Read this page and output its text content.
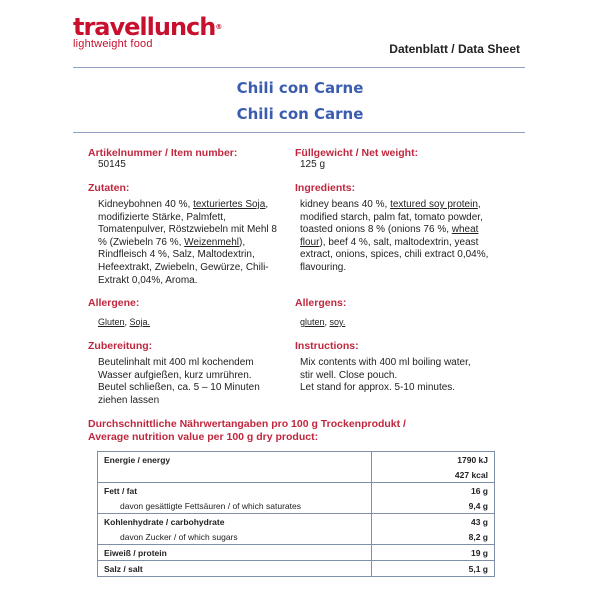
travellunch®
lightweight food	Datenblatt / Data Sheet
Chili con Carne
Chili con Carne
Artikelnummer / Item number:
50145
Füllgewicht / Net weight:
125 g
Zutaten:
Kidneybohnen 40 %, texturiertes Soja, modifizierte Stärke, Palmfett, Tomatenpulver, Röstzwiebeln mit Mehl 8 % (Zwiebeln 76 %, Weizenmehl), Rindfleisch 4 %, Salz, Maltodextrin, Hefeextrakt, Zwiebeln, Gewürze, Chili-Extrakt 0,04%, Aroma.
Ingredients:
kidney beans 40 %, textured soy protein, modified starch, palm fat, tomato powder, toasted onions 8 % (onions 76 %, wheat flour), beef 4 %, salt, maltodextrin, yeast extract, onions, spices, chili extract 0,04%, flavouring.
Allergene:
Gluten, Soja.
Allergens:
gluten, soy.
Zubereitung:
Beutelinhalt mit 400 ml kochendem
Wasser aufgießen, kurz umrühren.
Beutel schließen, ca. 5 – 10 Minuten
ziehen lassen
Instructions:
Mix contents with 400 ml boiling water,
stir well. Close pouch.
Let stand for approx. 5-10 minutes.
Durchschnittliche Nährwertangaben pro 100 g Trockenprodukt /
Average nutrition value per 100 g dry product:
Energie / energy	1790 kJ
	427 kcal
Fett / fat	16 g
davon gesättigte Fettsäuren / of which saturates	9,4 g
Kohlenhydrate / carbohydrate	43 g
davon Zucker / of which sugars	8,2 g
Eiweiß / protein	19 g
Salz / salt	5,1 g
